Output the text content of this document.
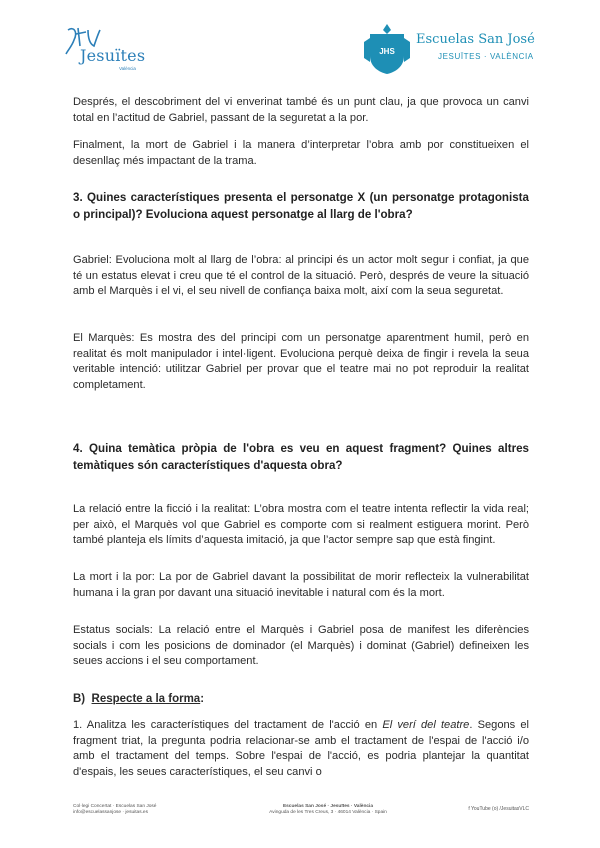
Jesuïtes
València
JHS
Escuelas San José
JESUÏTES · VALÈNCIA

Després, el descobriment del vi enverinat també és un punt clau, ja que provoca un canvi total en l’actitud de Gabriel, passant de la seguretat a la por.

Finalment, la mort de Gabriel i la manera d’interpretar l’obra amb por constitueixen el desenllaç més impactant de la trama.

3. Quines característiques presenta el personatge X (un personatge protagonista o principal)? Evoluciona aquest personatge al llarg de l'obra?

Gabriel: Evoluciona molt al llarg de l’obra: al principi és un actor molt segur i confiat, ja que té un estatus elevat i creu que té el control de la situació. Però, després de veure la situació amb el Marquès i el vi, el seu nivell de confiança baixa molt, així com la seua seguretat.

El Marquès: Es mostra des del principi com un personatge aparentment humil, però en realitat és molt manipulador i intel·ligent. Evoluciona perquè deixa de fingir i revela la seua veritable intenció: utilitzar Gabriel per provar que el teatre mai no pot reproduir la realitat completament.

4. Quina temàtica pròpia de l'obra es veu en aquest fragment? Quines altres temàtiques són característiques d'aquesta obra?

La relació entre la ficció i la realitat: L’obra mostra com el teatre intenta reflectir la vida real; per això, el Marquès vol que Gabriel es comporte com si realment estiguera morint. Però també planteja els límits d’aquesta imitació, ja que l’actor sempre sap que està fingint.

La mort i la por: La por de Gabriel davant la possibilitat de morir reflecteix la vulnerabilitat humana i la gran por davant una situació inevitable i natural com és la mort.

Estatus socials: La relació entre el Marquès i Gabriel posa de manifest les diferències socials i com les posicions de dominador (el Marquès) i dominat (Gabriel) defineixen les seues accions i el seu comportament.

B) Respecte a la forma:

1. Analitza les característiques del tractament de l'acció en El verí del teatre. Segons el fragment triat, la pregunta podria relacionar-se amb el tractament de l'espai de l'acció i/o amb el tractament del temps. Sobre l'espai de l'acció, es podria plantejar la quantitat d'espais, les seues característiques, el seu canvi o

Col·legi Concertat · Escuelas San José
info@escuelassanjose · jesuitas.es
Escuelas San José · Jesuïtes · València
Avinguda de les Tres Creus, 3 · 46014 València · Spain
f YouTube (o) /JesuitasVLC
